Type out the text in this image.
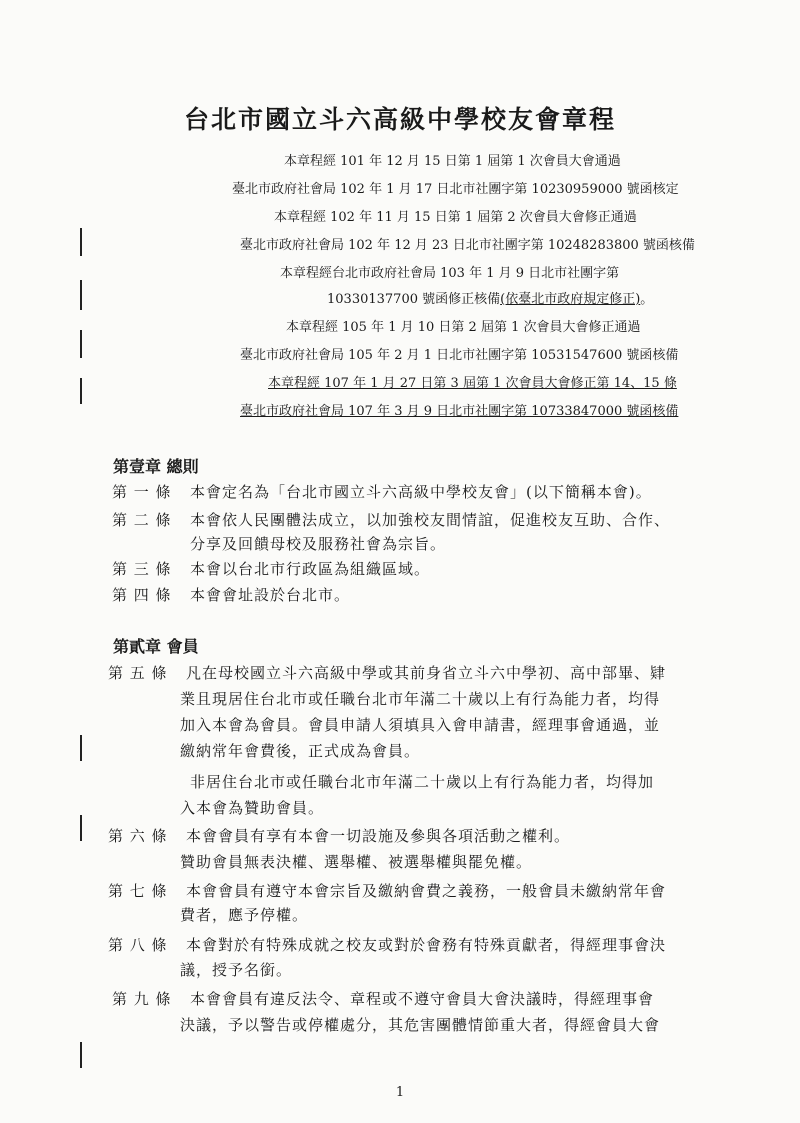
台北市國立斗六高級中學校友會章程
本章程經 101 年 12 月 15 日第 1 屆第 1 次會員大會通過
臺北市政府社會局 102 年 1 月 17 日北市社團字第 10230959000 號函核定
本章程經 102 年 11 月 15 日第 1 屆第 2 次會員大會修正通過
臺北市政府社會局 102 年 12 月 23 日北市社團字第 10248283800 號函核備
本章程經台北市政府社會局 103 年 1 月 9 日北市社團字第
10330137700 號函修正核備(依臺北市政府規定修正)。
本章程經 105 年 1 月 10 日第 2 屆第 1 次會員大會修正通過
臺北市政府社會局 105 年 2 月 1 日北市社團字第 10531547600 號函核備
本章程經 107 年 1 月 27 日第 3 屆第 1 次會員大會修正第 14、15 條
臺北市政府社會局 107 年 3 月 9 日北市社團字第 10733847000 號函核備
第壹章 總則
第 一 條 本會定名為「台北市國立斗六高級中學校友會」(以下簡稱本會)。
第 二 條 本會依人民團體法成立，以加強校友間情誼，促進校友互助、合作、
分享及回饋母校及服務社會為宗旨。
第 三 條 本會以台北市行政區為組織區域。
第 四 條 本會會址設於台北市。
第貳章 會員
第 五 條 凡在母校國立斗六高級中學或其前身省立斗六中學初、高中部畢、肄
業且現居住台北市或任職台北市年滿二十歲以上有行為能力者，均得
加入本會為會員。會員申請人須填具入會申請書，經理事會通過，並
繳納常年會費後，正式成為會員。
非居住台北市或任職台北市年滿二十歲以上有行為能力者，均得加
入本會為贊助會員。
第 六 條 本會會員有享有本會一切設施及參與各項活動之權利。
贊助會員無表決權、選舉權、被選舉權與罷免權。
第 七 條 本會會員有遵守本會宗旨及繳納會費之義務，一般會員未繳納常年會
費者，應予停權。
第 八 條 本會對於有特殊成就之校友或對於會務有特殊貢獻者，得經理事會決
議，授予名銜。
第 九 條 本會會員有違反法令、章程或不遵守會員大會決議時，得經理事會
決議，予以警告或停權處分，其危害團體情節重大者，得經會員大會
1
